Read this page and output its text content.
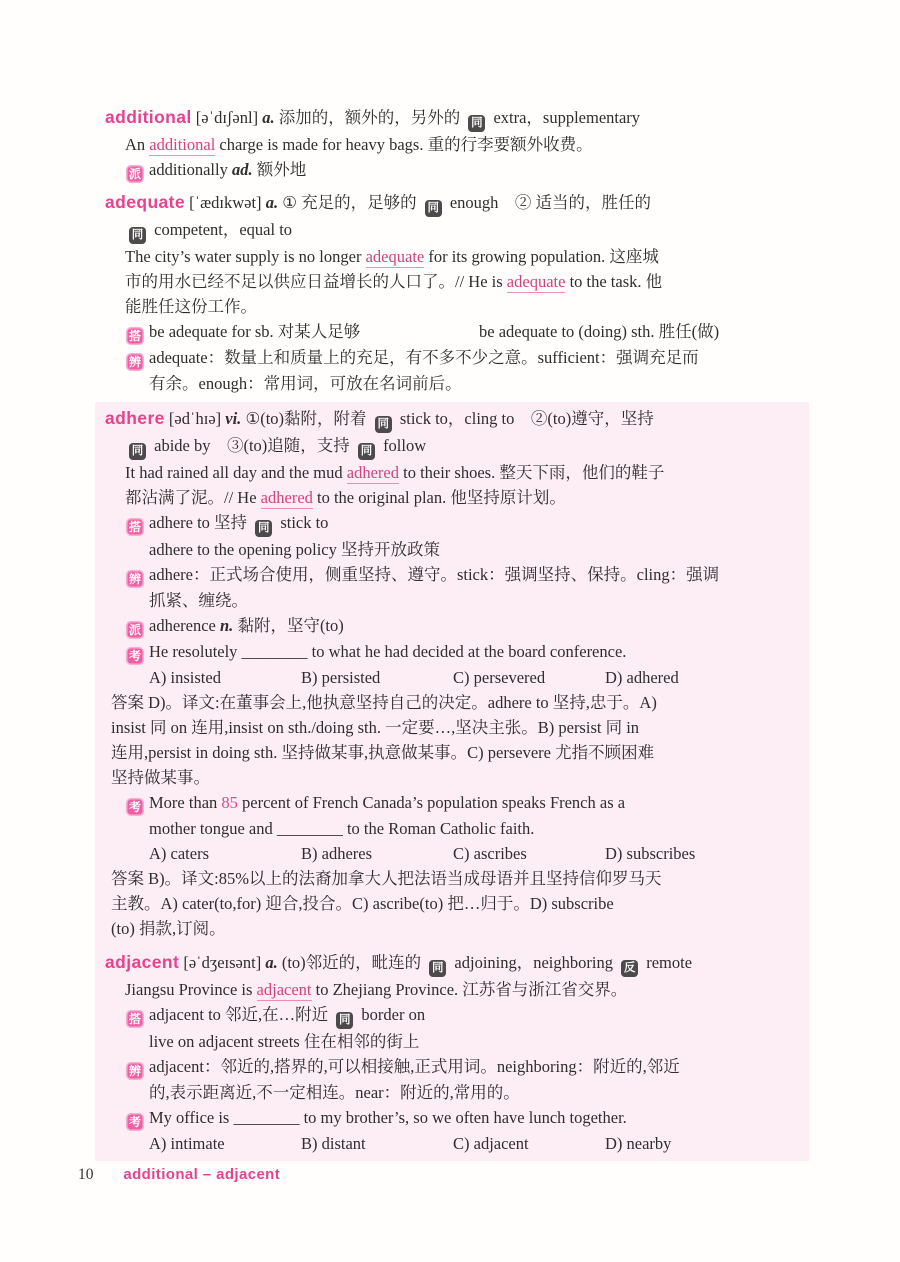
additional [əˈdɪʃənl] a. 添加的，额外的，另外的 同 extra，supplementary
An additional charge is made for heavy bags. 重的行李要额外收费。
派 additionally ad. 额外地
adequate [ˈædɪkwət] a. ① 充足的，足够的 同 enough　② 适当的，胜任的
同 competent，equal to
The city’s water supply is no longer adequate for its growing population. 这座城
市的用水已经不足以供应日益增长的人口了。// He is adequate to the task. 他
能胜任这份工作。
搭 be adequate for sb. 对某人足够	be adequate to (doing) sth. 胜任(做)
辨 adequate：数量上和质量上的充足，有不多不少之意。sufficient：强调充足而
有余。enough：常用词，可放在名词前后。
adhere [ədˈhɪə] vi. ①(to)黏附，附着 同 stick to，cling to　②(to)遵守，坚持
同 abide by　③(to)追随，支持 同 follow
It had rained all day and the mud adhered to their shoes. 整天下雨，他们的鞋子
都沾满了泥。// He adhered to the original plan. 他坚持原计划。
搭 adhere to 坚持 同 stick to
adhere to the opening policy 坚持开放政策
辨 adhere：正式场合使用，侧重坚持、遵守。stick：强调坚持、保持。cling：强调
抓紧、缠绕。
派 adherence n. 黏附，坚守(to)
考 He resolutely ________ to what he had decided at the board conference.
A) insisted	B) persisted	C) persevered	D) adhered
答案 D)。译文:在董事会上,他执意坚持自己的决定。adhere to 坚持,忠于。A)
insist 同 on 连用,insist on sth./doing sth. 一定要…,坚决主张。B) persist 同 in
连用,persist in doing sth. 坚持做某事,执意做某事。C) persevere 尤指不顾困难
坚持做某事。
考 More than 85 percent of French Canada’s population speaks French as a
mother tongue and ________ to the Roman Catholic faith.
A) caters	B) adheres	C) ascribes	D) subscribes
答案 B)。译文:85%以上的法裔加拿大人把法语当成母语并且坚持信仰罗马天
主教。A) cater(to,for) 迎合,投合。C) ascribe(to) 把…归于。D) subscribe
(to) 捐款,订阅。
adjacent [əˈdʒeɪsənt] a. (to)邻近的，毗连的 同 adjoining，neighboring 反 remote
Jiangsu Province is adjacent to Zhejiang Province. 江苏省与浙江省交界。
搭 adjacent to 邻近,在…附近 同 border on
live on adjacent streets 住在相邻的街上
辨 adjacent：邻近的,搭界的,可以相接触,正式用词。neighboring：附近的,邻近
的,表示距离近,不一定相连。near：附近的,常用的。
考 My office is ________ to my brother’s, so we often have lunch together.
A) intimate	B) distant	C) adjacent	D) nearby
10 additional – adjacent
